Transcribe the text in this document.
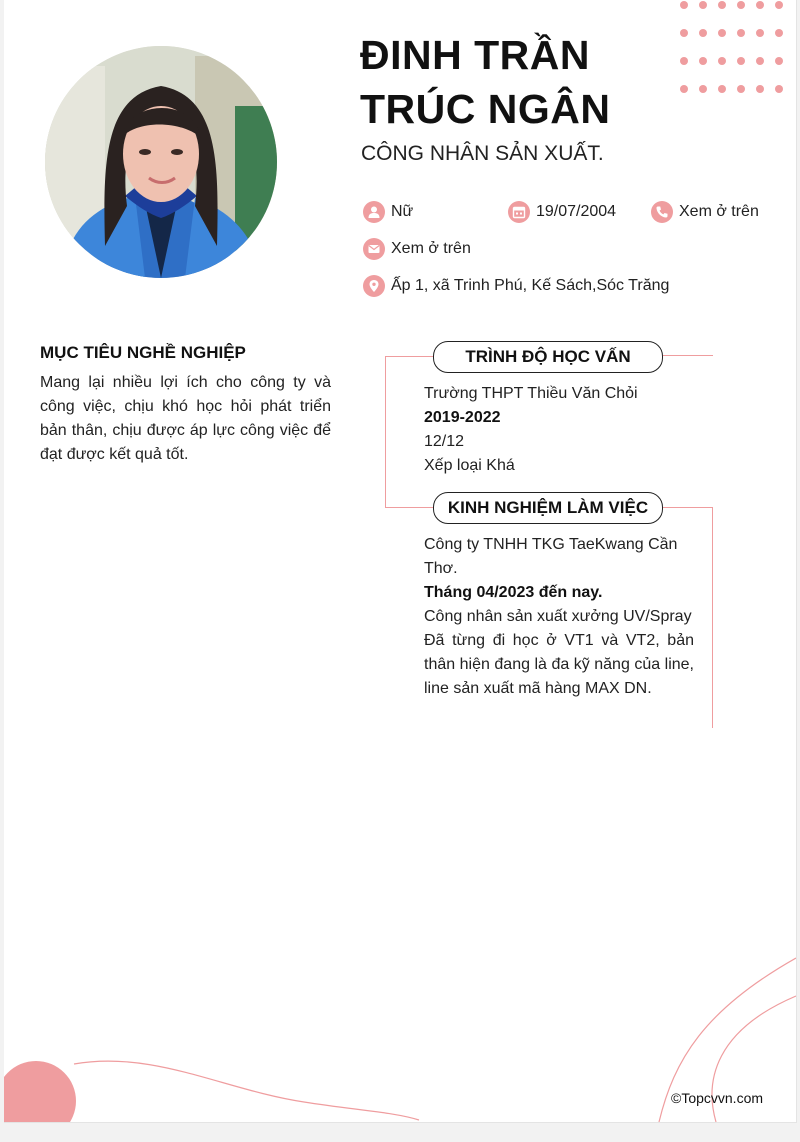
ĐINH TRẦN
TRÚC NGÂN
CÔNG NHÂN SẢN XUẤT.
Nữ	19/07/2004	Xem ở trên
Xem ở trên
Ấp 1, xã Trinh Phú, Kế Sách,Sóc Trăng
MỤC TIÊU NGHỀ NGHIỆP
Mang lại nhiều lợi ích cho công ty và công việc, chịu khó học hỏi phát triển bản thân, chịu được áp lực công việc để đạt được kết quả tốt.
TRÌNH ĐỘ HỌC VẤN
Trường THPT Thiều Văn Chỏi
2019-2022
12/12
Xếp loại Khá
KINH NGHIỆM LÀM VIỆC
Công ty TNHH TKG TaeKwang Cần Thơ.
Tháng 04/2023 đến nay.
Công nhân sản xuất xưởng UV/Spray
Đã từng đi học ở VT1 và VT2, bản thân hiện đang là đa kỹ năng của line, line sản xuất mã hàng MAX DN.
©Topcvvn.com
